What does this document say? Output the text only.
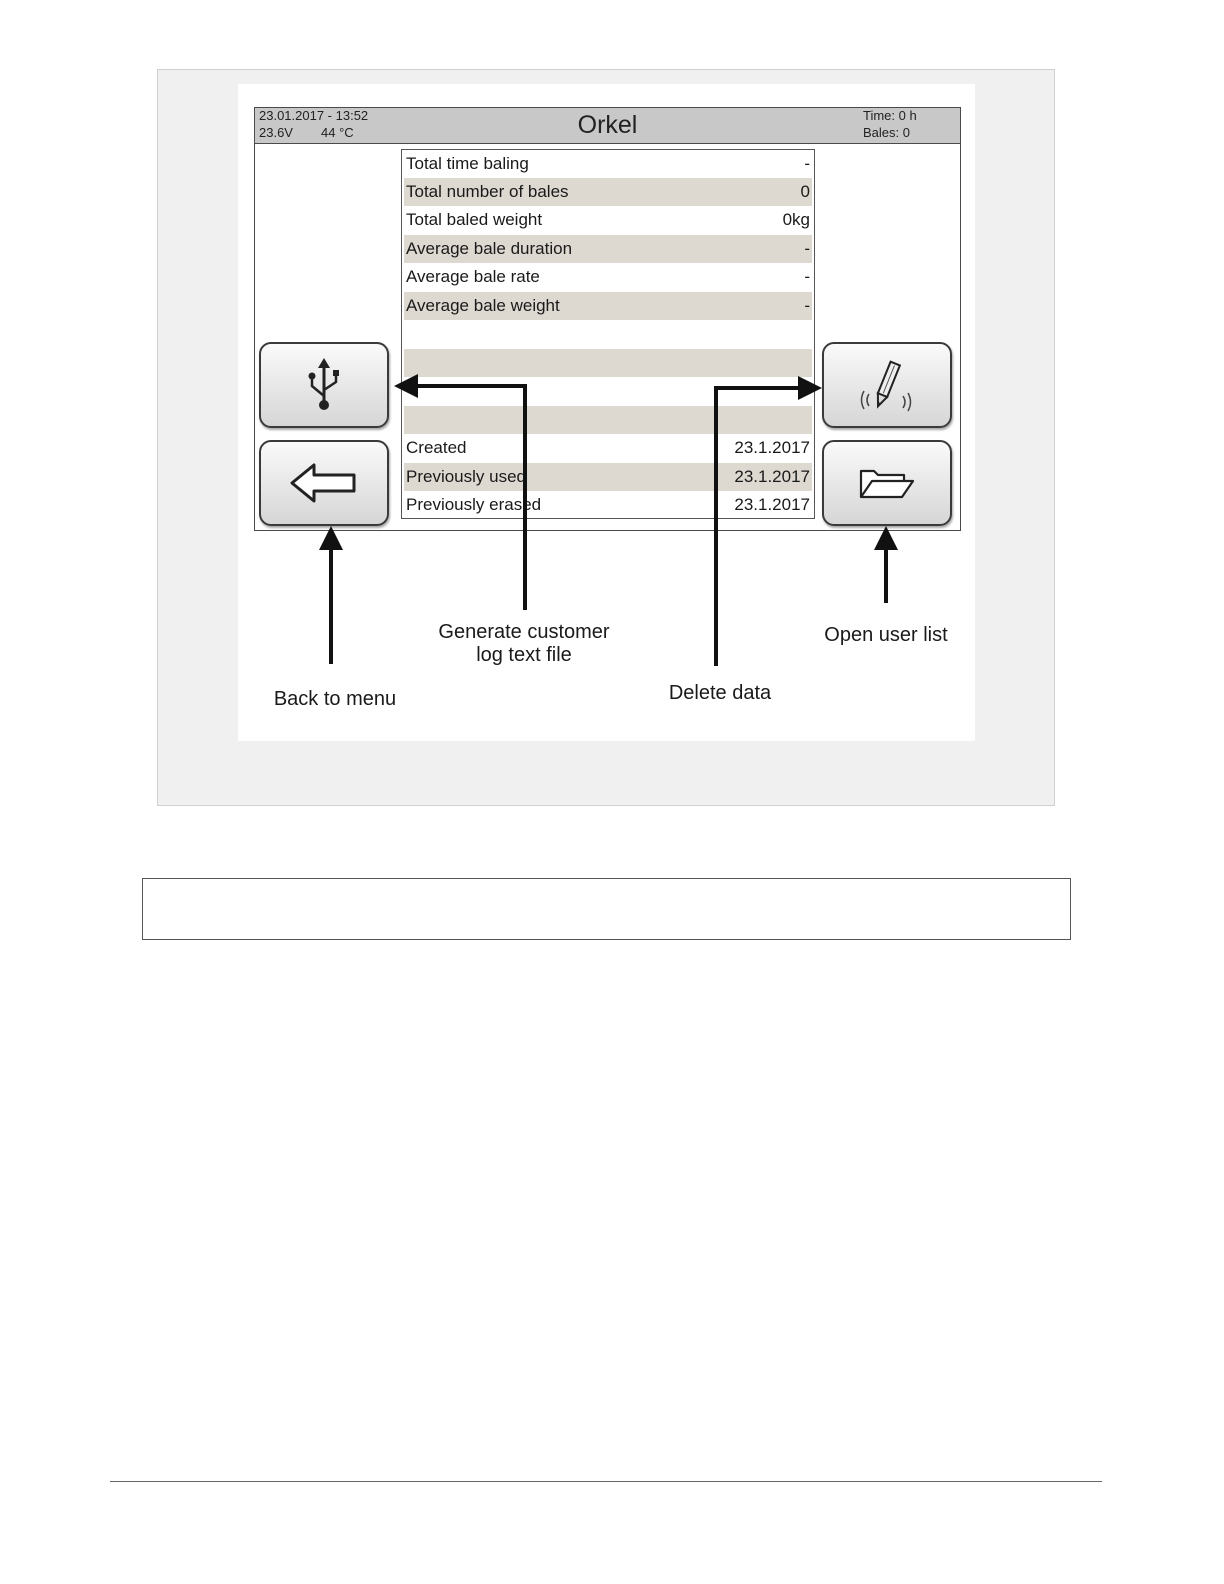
23.01.2017 - 13:52
23.6V 44 °C	Orkel	Time: 0 h
Bales: 0
Total time baling	-
Total number of bales	0
Total baled weight	0kg
Average bale duration	-
Average bale rate	-
Average bale weight	-
Created	23.1.2017
Previously used	23.1.2017
Previously erased	23.1.2017
Generate customer
log text file
Delete data
Open user list
Back to menu
